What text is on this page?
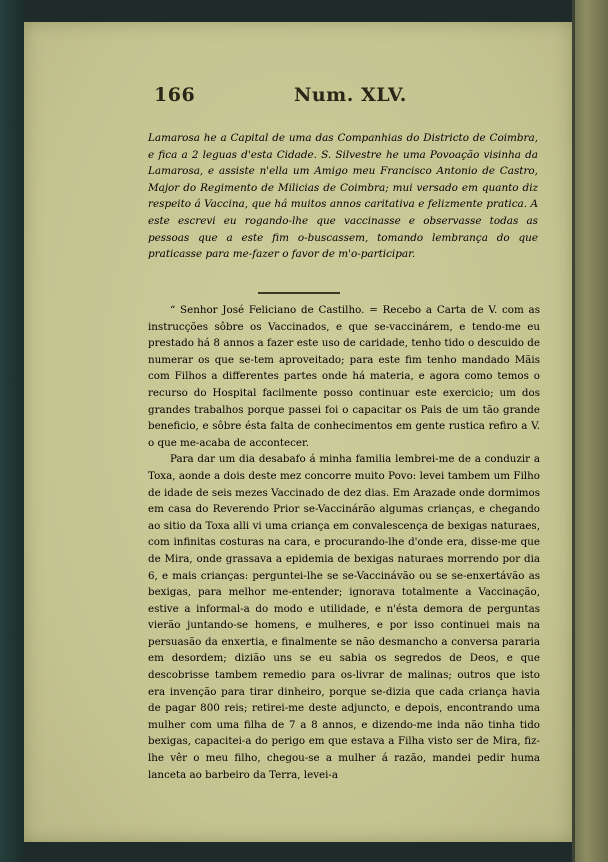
166	Num. XLV.
Lamarosa he a Capital de uma das Companhias do Districto de Coimbra, e fica a 2 leguas d'esta Cidade. S. Silvestre he uma Povoação visinha da Lamarosa, e assiste n'ella um Amigo meu Francisco Antonio de Castro, Major do Regimento de Milicias de Coimbra; mui versado em quanto diz respeito á Vaccina, que há muitos annos caritativa e felizmente pratica. A este escrevi eu rogando-lhe que vaccinasse e observasse todas as pessoas que a este fim o-buscassem, tomando lembrança do que praticasse para me-fazer o favor de m'o-participar.

“ Senhor José Feliciano de Castilho. = Recebo a Carta de V. com as instrucções sôbre os Vaccinados, e que se-vaccinárem, e tendo-me eu prestado há 8 annos a fazer este uso de caridade, tenho tido o descuido de numerar os que se-tem aproveitado; para este fim tenho mandado Mãis com Filhos a differentes partes onde há materia, e agora como temos o recurso do Hospital facilmente posso continuar este exercicio; um dos grandes trabalhos porque passei foi o capacitar os Pais de um tão grande beneficio, e sôbre ésta falta de conhecimentos em gente rustica refiro a V. o que me-acaba de accontecer.

Para dar um dia desabafo á minha familia lembrei-me de a conduzir a Toxa, aonde a dois deste mez concorre muito Povo: levei tambem um Filho de idade de seis mezes Vaccinado de dez dias. Em Arazade onde dormimos em casa do Reverendo Prior se-Vaccinárão algumas crianças, e chegando ao sitio da Toxa alli vi uma criança em convalescença de bexigas naturaes, com infinitas costuras na cara, e procurando-lhe d'onde era, disse-me que de Mira, onde grassava a epidemia de bexigas naturaes morrendo por dia 6, e mais crianças: perguntei-lhe se se-Vaccinávão ou se se-enxertávão as bexigas, para melhor me-entender; ignorava totalmente a Vaccinação, estive a informal-a do modo e utilidade, e n'ésta demora de perguntas vierão juntando-se homens, e mulheres, e por isso continuei mais na persuasão da enxertia, e finalmente se não desmancho a conversa pararia em desordem; dizião uns se eu sabia os segredos de Deos, e que descobrisse tambem remedio para os-livrar de malinas; outros que isto era invenção para tirar dinheiro, porque se-dizia que cada criança havia de pagar 800 reis; retirei-me deste adjuncto, e depois, encontrando uma mulher com uma filha de 7 a 8 annos, e dizendo-me inda não tinha tido bexigas, capacitei-a do perigo em que estava a Filha visto ser de Mira, fiz-lhe vêr o meu filho, chegou-se a mulher á razão, mandei pedir huma lanceta ao barbeiro da Terra, levei-a
